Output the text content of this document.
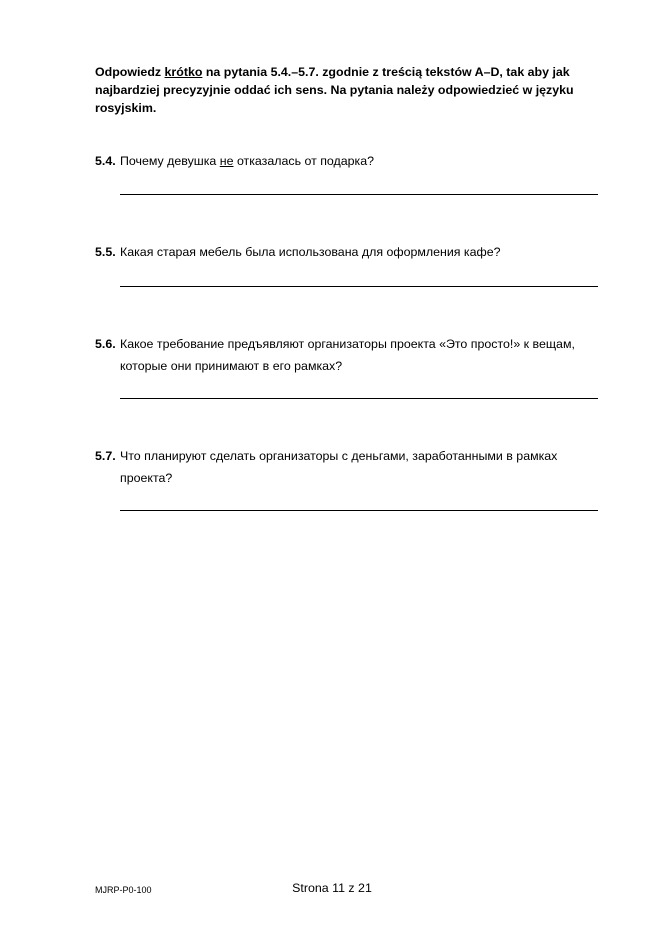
Odpowiedz krótko na pytania 5.4.–5.7. zgodnie z treścią tekstów A–D, tak aby jak najbardziej precyzyjnie oddać ich sens. Na pytania należy odpowiedzieć w języku rosyjskim.
5.4. Почему девушка не отказалась от подарка?
5.5. Какая старая мебель была использована для оформления кафе?
5.6. Какое требование предъявляют организаторы проекта «Это просто!» к вещам, которые они принимают в его рамках?
5.7. Что планируют сделать организаторы с деньгами, заработанными в рамках проекта?
MJRP-P0-100	Strona 11 z 21
